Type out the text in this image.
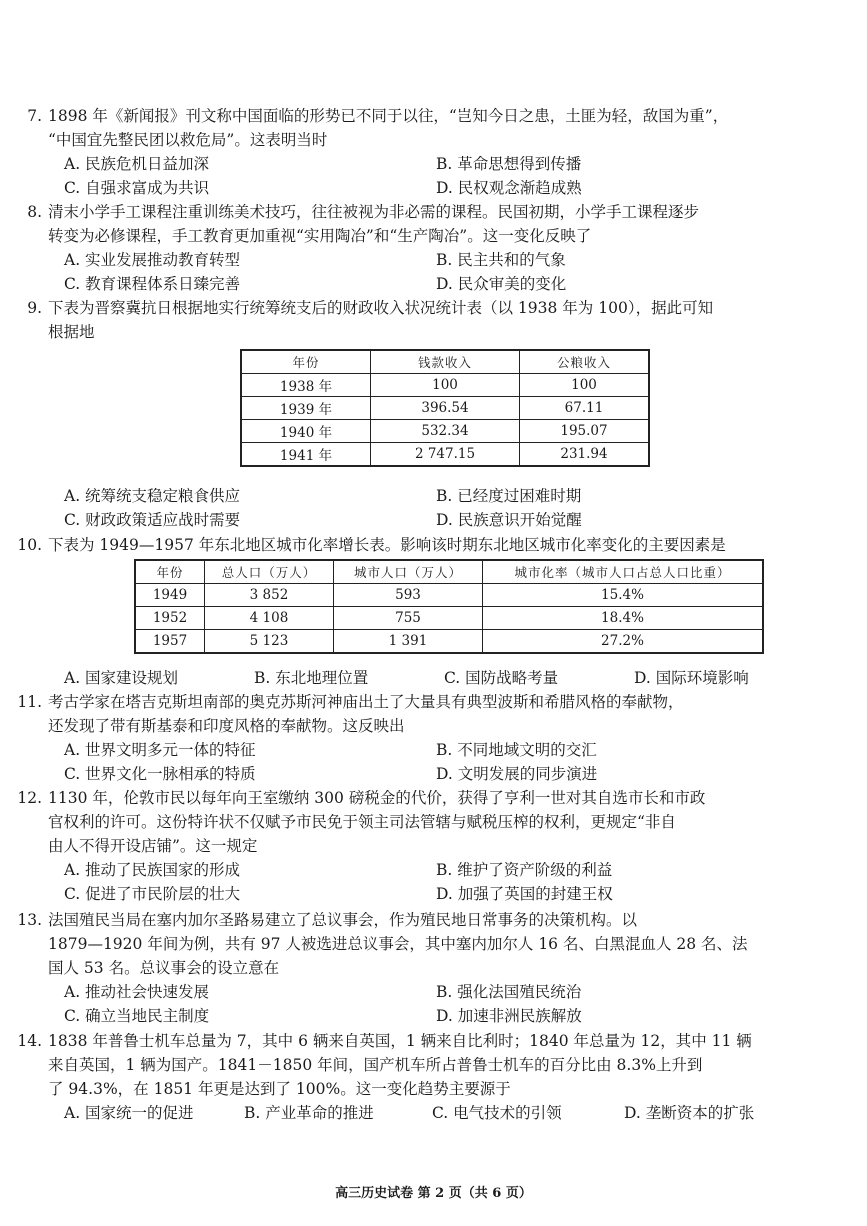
7. 1898 年《新闻报》刊文称中国面临的形势已不同于以往，“岂知今日之患，土匪为轻，敌国为重”，
“中国宜先整民团以救危局”。这表明当时
A. 民族危机日益加深	B. 革命思想得到传播
C. 自强求富成为共识	D. 民权观念渐趋成熟
8. 清末小学手工课程注重训练美术技巧，往往被视为非必需的课程。民国初期，小学手工课程逐步
转变为必修课程，手工教育更加重视“实用陶冶”和“生产陶冶”。这一变化反映了
A. 实业发展推动教育转型	B. 民主共和的气象
C. 教育课程体系日臻完善	D. 民众审美的变化
9. 下表为晋察冀抗日根据地实行统筹统支后的财政收入状况统计表（以 1938 年为 100），据此可知
根据地
年份	钱款收入	公粮收入
1938 年	100	100
1939 年	396.54	67.11
1940 年	532.34	195.07
1941 年	2 747.15	231.94
A. 统筹统支稳定粮食供应	B. 已经度过困难时期
C. 财政政策适应战时需要	D. 民族意识开始觉醒
10. 下表为 1949—1957 年东北地区城市化率增长表。影响该时期东北地区城市化率变化的主要因素是
年份	总人口（万人）	城市人口（万人）	城市化率（城市人口占总人口比重）
1949	3 852	593	15.4%
1952	4 108	755	18.4%
1957	5 123	1 391	27.2%
A. 国家建设规划	B. 东北地理位置	C. 国防战略考量	D. 国际环境影响
11. 考古学家在塔吉克斯坦南部的奥克苏斯河神庙出土了大量具有典型波斯和希腊风格的奉献物，
还发现了带有斯基泰和印度风格的奉献物。这反映出
A. 世界文明多元一体的特征	B. 不同地域文明的交汇
C. 世界文化一脉相承的特质	D. 文明发展的同步演进
12. 1130 年，伦敦市民以每年向王室缴纳 300 磅税金的代价，获得了亨利一世对其自选市长和市政
官权利的许可。这份特许状不仅赋予市民免于领主司法管辖与赋税压榨的权利，更规定“非自
由人不得开设店铺”。这一规定
A. 推动了民族国家的形成	B. 维护了资产阶级的利益
C. 促进了市民阶层的壮大	D. 加强了英国的封建王权
13. 法国殖民当局在塞内加尔圣路易建立了总议事会，作为殖民地日常事务的决策机构。以
1879—1920 年间为例，共有 97 人被选进总议事会，其中塞内加尔人 16 名、白黑混血人 28 名、法
国人 53 名。总议事会的设立意在
A. 推动社会快速发展	B. 强化法国殖民统治
C. 确立当地民主制度	D. 加速非洲民族解放
14. 1838 年普鲁士机车总量为 7，其中 6 辆来自英国，1 辆来自比利时；1840 年总量为 12，其中 11 辆
来自英国，1 辆为国产。1841－1850 年间，国产机车所占普鲁士机车的百分比由 8.3%上升到
了 94.3%，在 1851 年更是达到了 100%。这一变化趋势主要源于
A. 国家统一的促进	B. 产业革命的推进	C. 电气技术的引领	D. 垄断资本的扩张
高三历史试卷 第 2 页（共 6 页）
